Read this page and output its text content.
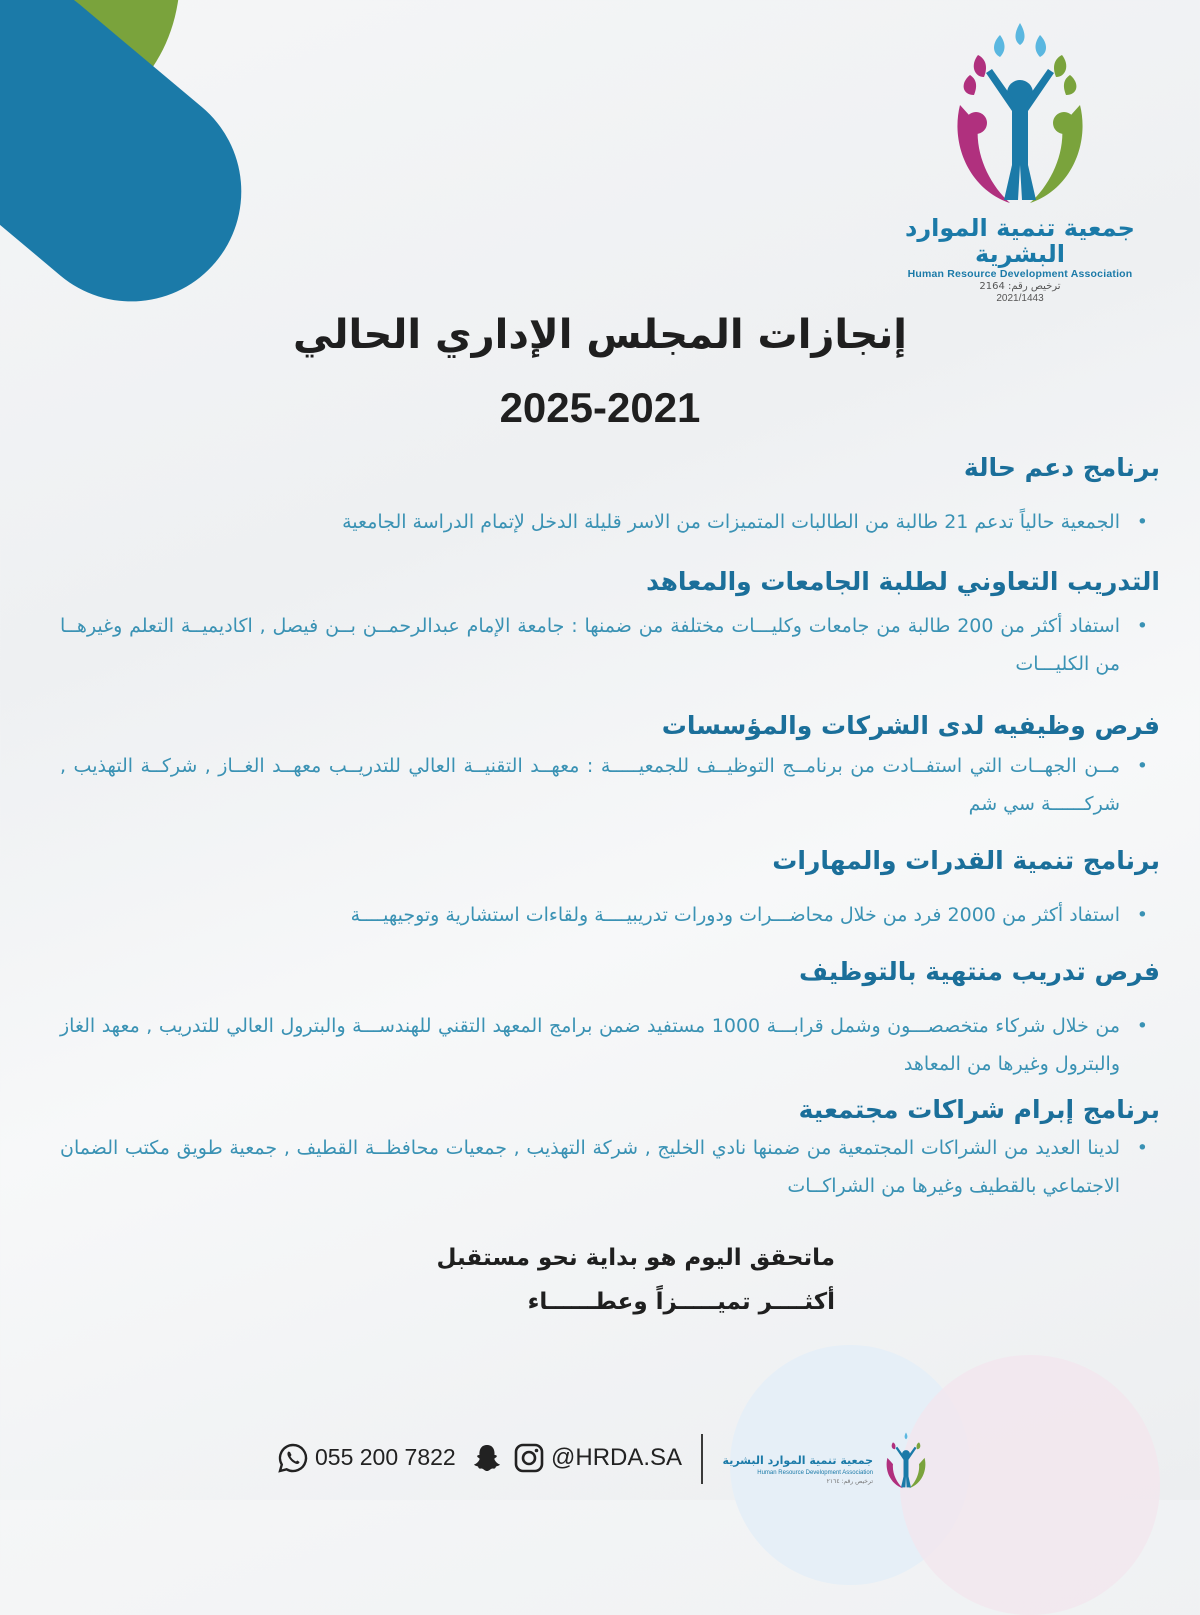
جمعية تنمية الموارد البشرية
Human Resource Development Association
ترخيص رقم: 2164
2021/1443
إنجازات المجلس الإداري الحالي
2025-2021
برنامج دعم حالة

•
الجمعية حالياً تدعم 21 طالبة من الطالبات المتميزات من الاسر قليلة الدخل لإتمام الدراسة الجامعية

التدريب التعاوني لطلبة الجامعات والمعاهد

•
استفاد أكثر من 200 طالبة من جامعات وكليـــات مختلفة من ضمنها : جامعة الإمام عبدالرحمــن بــن فيصل , اكاديميــة التعلم وغيرهــا من الكليـــات

فرص وظيفيه لدى الشركات والمؤسسات

•
مــن الجهــات التي استفــادت من برنامــج التوظيــف للجمعيـــــة : معهــد التقنيــة العالي للتدريــب معهــد الغــاز , شركــة التهذيب , شركــــــة سي شم

برنامج تنمية القدرات والمهارات

•
استفاد أكثر من 2000 فرد من خلال محاضـــرات ودورات تدريبيــــة ولقاءات استشارية وتوجيهيــــة

فرص تدريب منتهية بالتوظيف

•
من خلال شركاء متخصصـــون وشمل قرابـــة 1000 مستفيد ضمن برامج المعهد التقني للهندســـة والبترول العالي للتدريب , معهد الغاز والبترول وغيرها من المعاهد

برنامج إبرام شراكات مجتمعية

•
لدينا العديد من الشراكات المجتمعية من ضمنها نادي الخليج , شركة التهذيب , جمعيات محافظــة القطيف , جمعية طويق مكتب الضمان الاجتماعي بالقطيف وغيرها من الشراكــات

ماتحقق اليوم هو بداية نحو مستقبل
أكثــــر تميـــــزاً وعطــــــاء
جمعية تنمية الموارد البشرية
Human Resource Development Association
ترخيص رقم: ٢١٦٤
@HRDA.SA
055 200 7822
